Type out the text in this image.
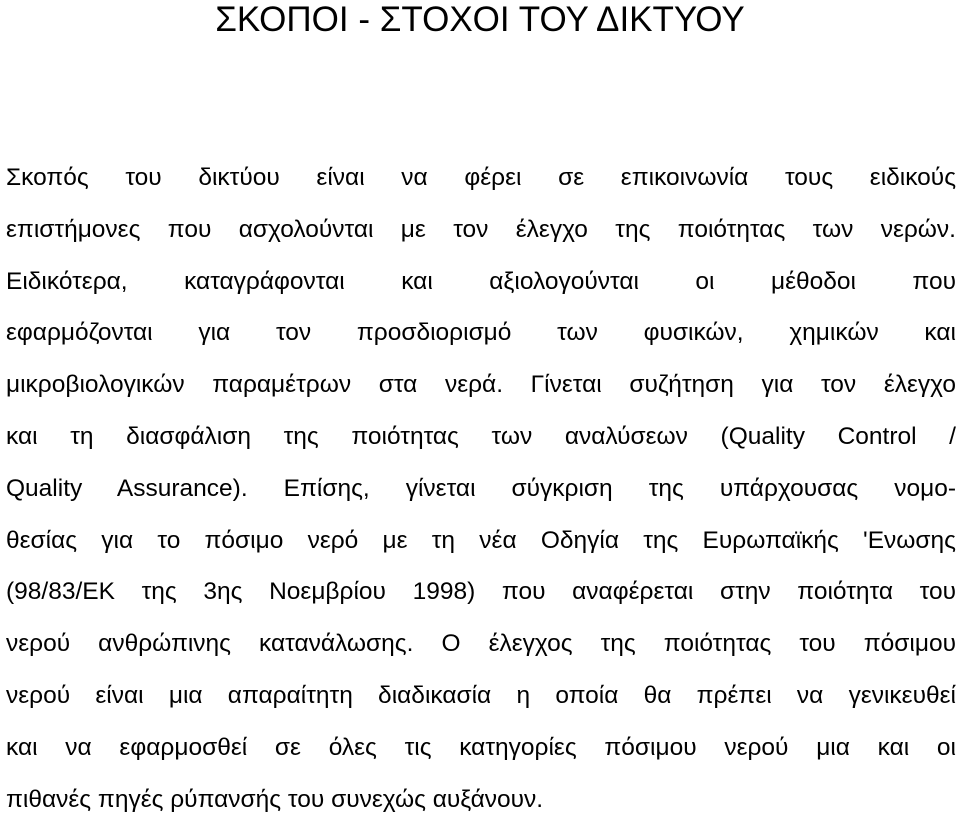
ΣΚΟΠΟΙ - ΣΤΟΧΟΙ ΤΟΥ ΔΙΚΤΥΟΥ
Σκοπός του δικτύου είναι να φέρει σε επικοινωνία τους ειδικούς
επιστήμονες που ασχολούνται με τον έλεγχο της ποιότητας των νερών.
Ειδικότερα, καταγράφονται και αξιολογούνται οι μέθοδοι που
εφαρμόζονται για τον προσδιορισμό των φυσικών, χημικών και
μικροβιολογικών παραμέτρων στα νερά. Γίνεται συζήτηση για τον έλεγχο
και τη διασφάλιση της ποιότητας των αναλύσεων (Quality Control /
Quality Assurance). Επίσης, γίνεται σύγκριση της υπάρχουσας νομο-
θεσίας για το πόσιμο νερό με τη νέα Οδηγία της Ευρωπαϊκής 'Ενωσης
(98/83/ΕΚ της 3ης Νοεμβρίου 1998) που αναφέρεται στην ποιότητα του
νερού ανθρώπινης κατανάλωσης. Ο έλεγχος της ποιότητας του πόσιμου
νερού είναι μια απαραίτητη διαδικασία η οποία θα πρέπει να γενικευθεί
και να εφαρμοσθεί σε όλες τις κατηγορίες πόσιμου νερού μια και οι
πιθανές πηγές ρύπανσής του συνεχώς αυξάνουν.
